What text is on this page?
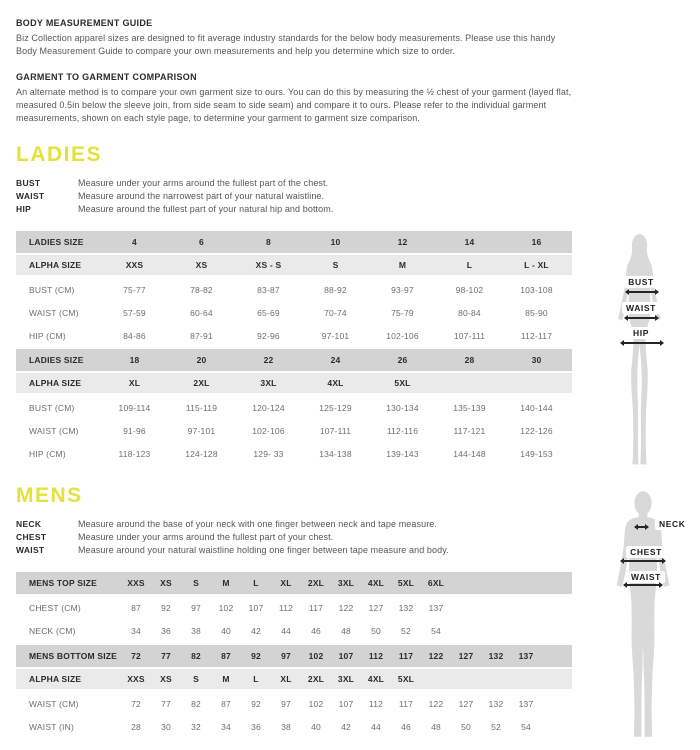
BODY MEASUREMENT GUIDE

Biz Collection apparel sizes are designed to fit average industry standards for the below body measurements. Please use this handy Body Measurement Guide to compare your own measurements and help you determine which size to order.

GARMENT TO GARMENT COMPARISON

An alternate method is to compare your own garment size to ours. You can do this by measuring the ½ chest of your garment (layed flat, measured 0.5in below the sleeve join, from side seam to side seam) and compare it to ours. Please refer to the individual garment measurements, shown on each style page, to determine your garment to garment size comparison.

LADIES
BUST	Measure under your arms around the fullest part of the chest.
WAIST	Measure around the narrowest part of your natural waistline.
HIP	Measure around the fullest part of your natural hip and bottom.
LADIES SIZE	4	6	8	10	12	14	16
ALPHA SIZE	XXS	XS	XS - S	S	M	L	L - XL
BUST (CM)	75-77	78-82	83-87	88-92	93-97	98-102	103-108
WAIST (CM)	57-59	60-64	65-69	70-74	75-79	80-84	85-90
HIP (CM)	84-86	87-91	92-96	97-101	102-106	107-111	112-117
LADIES SIZE	18	20	22	24	26	28	30
ALPHA SIZE	XL	2XL	3XL	4XL	5XL
BUST (CM)	109-114	115-119	120-124	125-129	130-134	135-139	140-144
WAIST (CM)	91-96	97-101	102-106	107-111	112-116	117-121	122-126
HIP (CM)	118-123	124-128	129- 33	134-138	139-143	144-148	149-153
MENS
NECK	Measure around the base of your neck with one finger between neck and tape measure.
CHEST	Measure under your arms around the fullest part of your chest.
WAIST	Measure around your natural waistline holding one finger between tape measure and body.
MENS TOP SIZE	XXS	XS	S	M	L	XL	2XL	3XL	4XL	5XL	6XL
CHEST (CM)	87	92	97	102	107	112	117	122	127	132	137
NECK (CM)	34	36	38	40	42	44	46	48	50	52	54
MENS BOTTOM SIZE	72	77	82	87	92	97	102	107	112	117	122	127	132	137
ALPHA SIZE	XXS	XS	S	M	L	XL	2XL	3XL	4XL	5XL
WAIST (CM)	72	77	82	87	92	97	102	107	112	117	122	127	132	137
WAIST (IN)	28	30	32	34	36	38	40	42	44	46	48	50	52	54
BUST
WAIST
HIP
NECK
CHEST
WAIST
